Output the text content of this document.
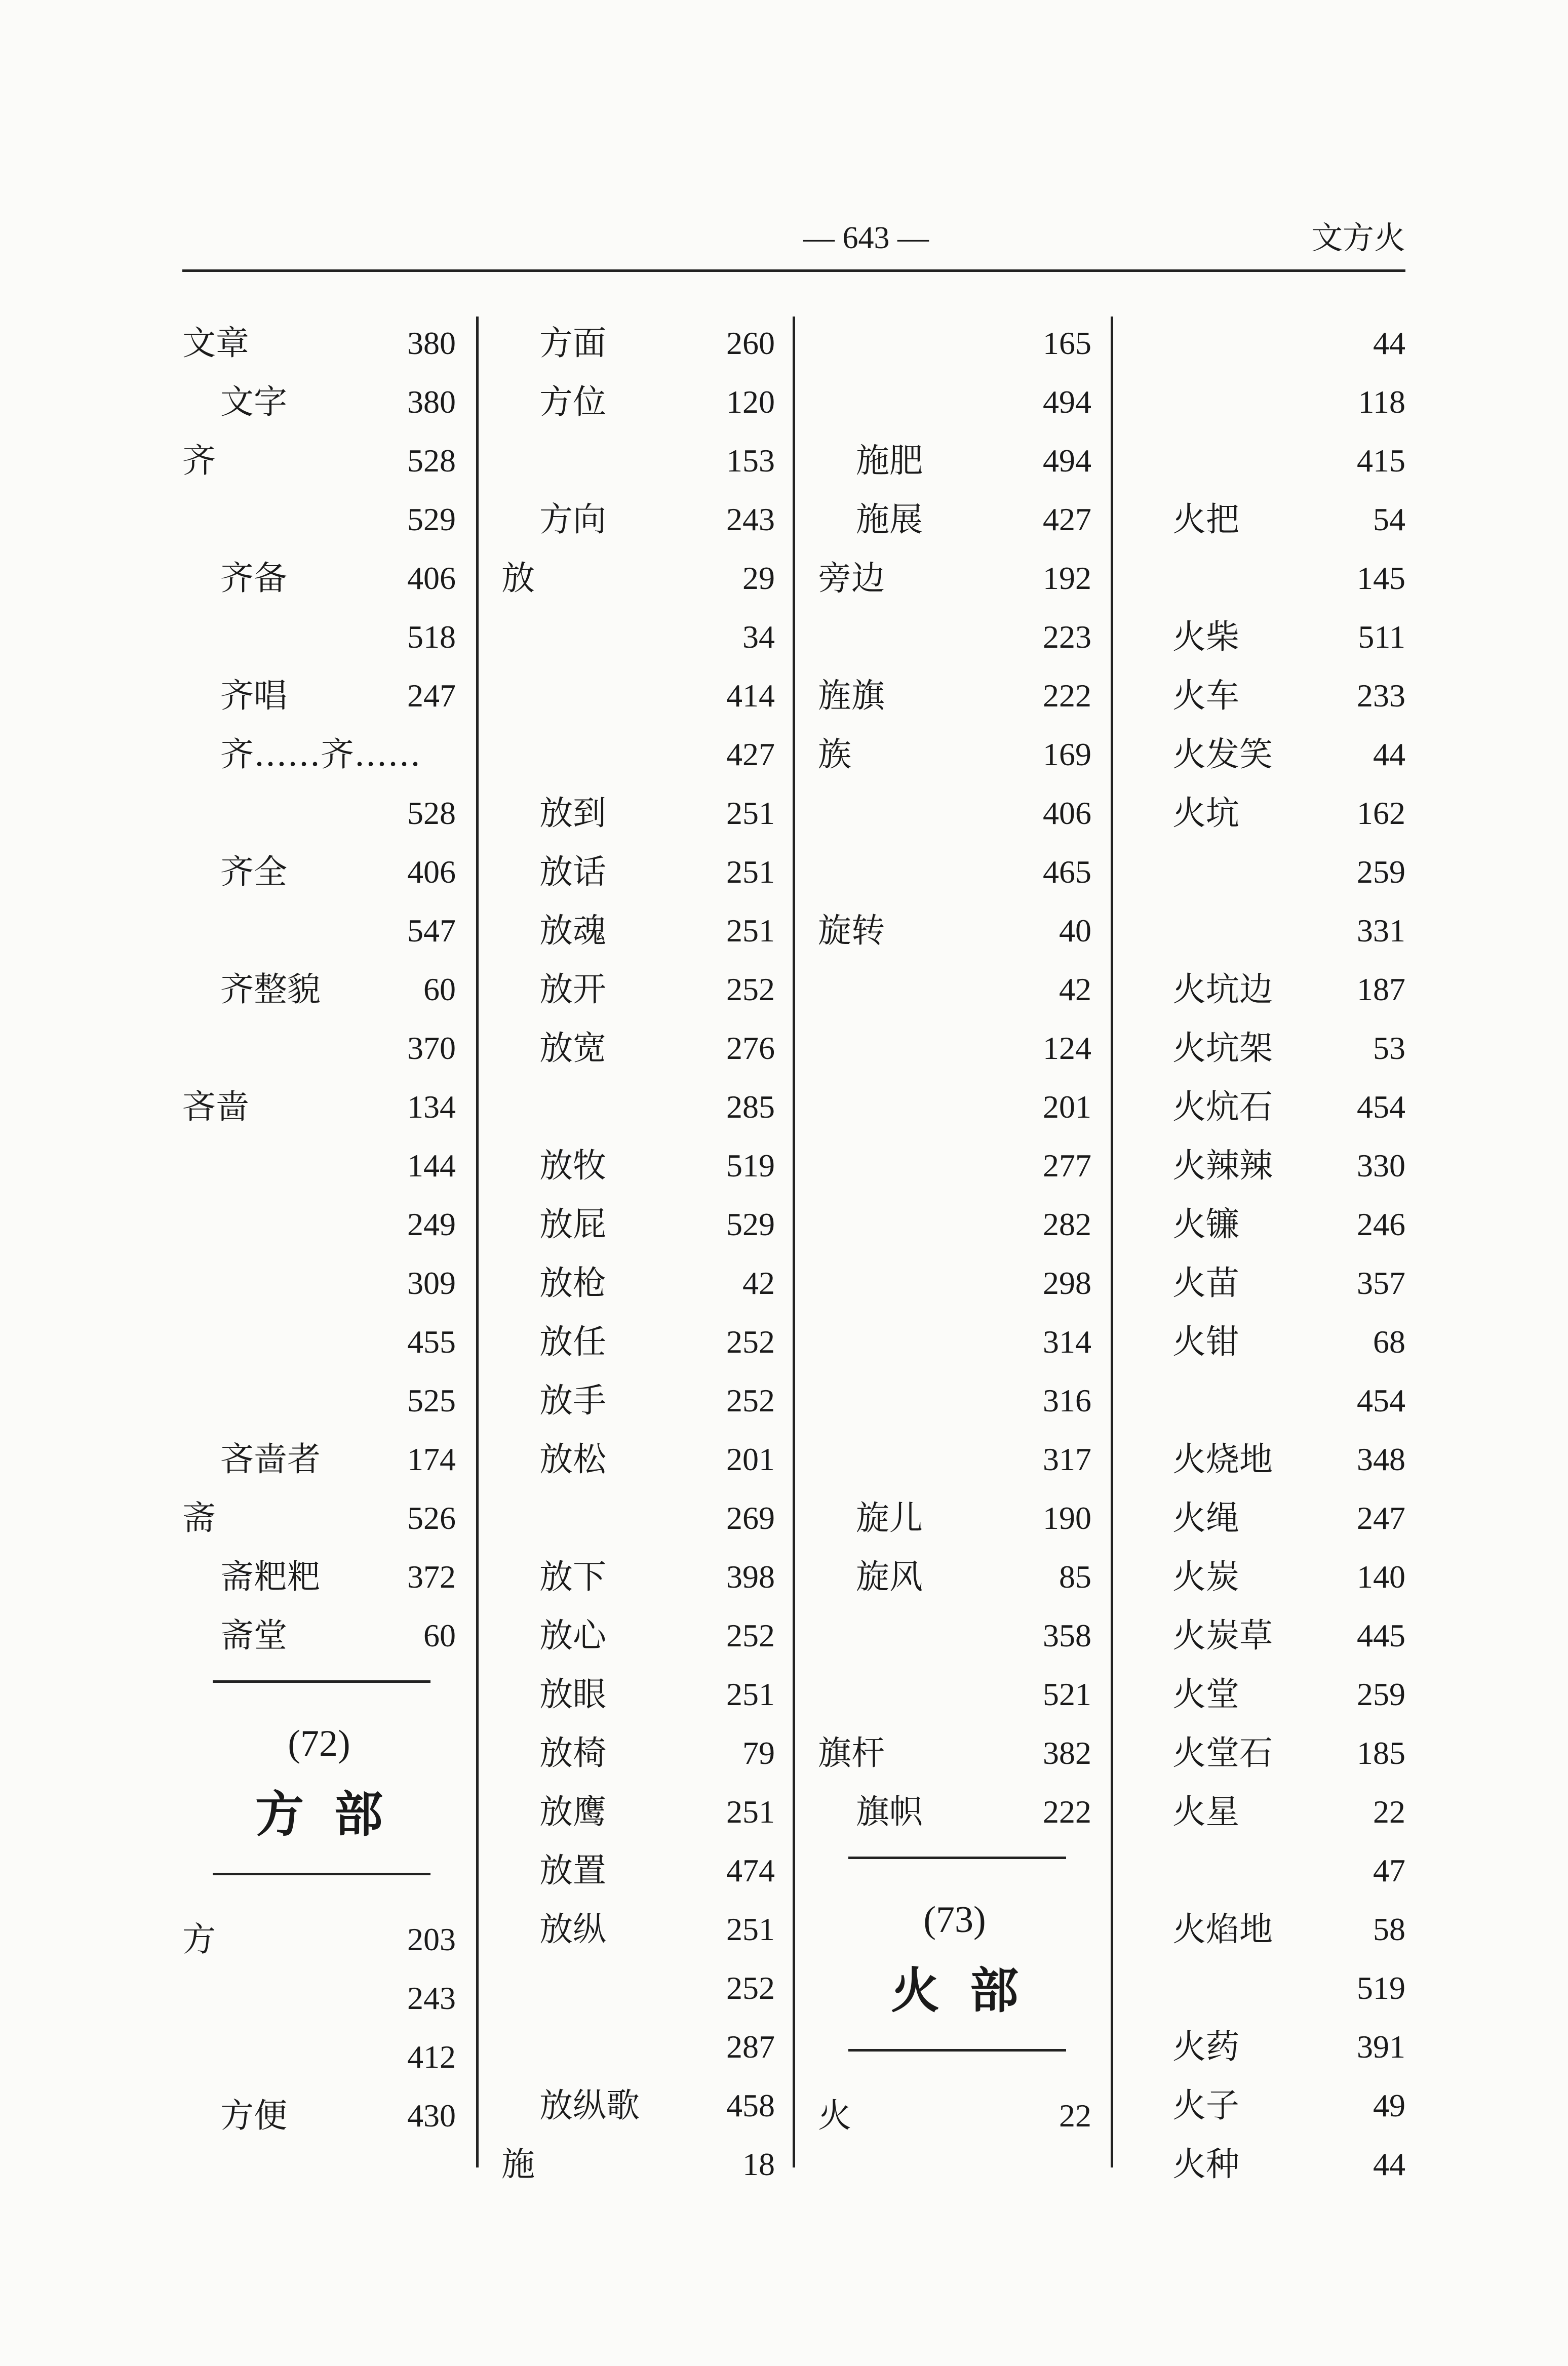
— 643 —	文方火
文章	380
文字	380
齐	528
529
齐备	406
518
齐唱	247
齐……齐……
528
齐全	406
547
齐整貌	60
370
吝啬	134
144
249
309
455
525
吝啬者	174
斋	526
斋粑粑	372
斋堂	60
(72)
方部
方	203
243
412
方便	430
方面	260
方位	120
153
方向	243
放	29
34
414
427
放到	251
放话	251
放魂	251
放开	252
放宽	276
285
放牧	519
放屁	529
放枪	42
放任	252
放手	252
放松	201
269
放下	398
放心	252
放眼	251
放椅	79
放鹰	251
放置	474
放纵	251
252
287
放纵歌	458
施	18
165
494
施肥	494
施展	427
旁边	192
223
旌旗	222
族	169
406
465
旋转	40
42
124
201
277
282
298
314
316
317
旋儿	190
旋风	85
358
521
旗杆	382
旗帜	222
(73)
火部
火	22
44
118
415
火把	54
145
火柴	511
火车	233
火发笑	44
火坑	162
259
331
火坑边	187
火坑架	53
火炕石	454
火辣辣	330
火镰	246
火苗	357
火钳	68
454
火烧地	348
火绳	247
火炭	140
火炭草	445
火堂	259
火堂石	185
火星	22
47
火焰地	58
519
火药	391
火子	49
火种	44
